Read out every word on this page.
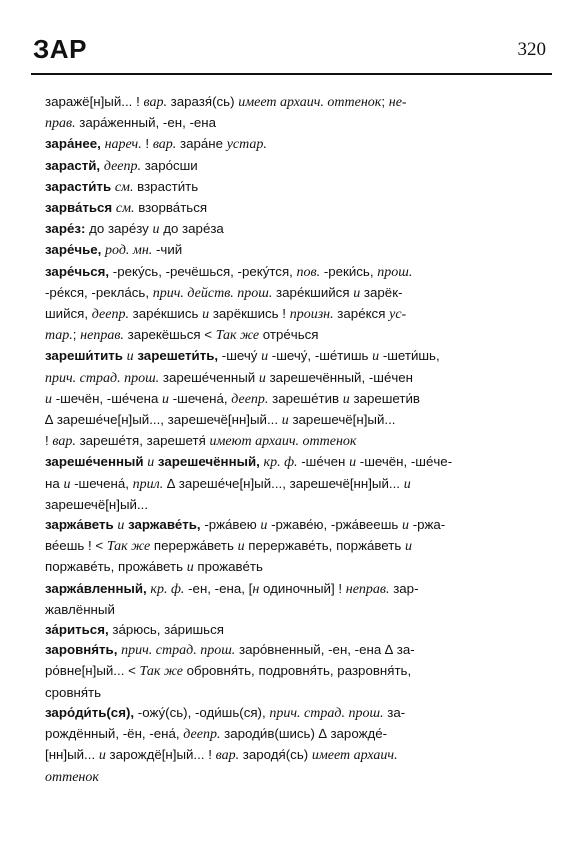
ЗАР	320
заражё[н]ый... ! вар. заразя́(сь) имеет архаич. оттенок; не-
прав. зара́женный, -ен, -ена
зара́нее, нареч. ! вар. зара́не устар.
зарастй, деепр. заро́сши
зарасти́ть см. взрасти́ть
зарва́ться см. взорва́ться
заре́з: до заре́зу и до заре́за
заре́чье, род. мн. -чий
заре́чься, -реку́сь, -речёшься, -реку́тся, пов. -реки́сь, прош.
-ре́кся, -рекла́сь, прич. действ. прош. заре́кшийся и зарёк-
шийся, деепр. заре́кшись и зарёкшись ! произн. заре́кся ус-
тар.; неправ. зарекёшься < Так же отре́чься
зареши́тить и зарешети́ть, -шечу́ и -шечу́, -ше́тишь и -шети́шь,
прич. страд. прош. зареше́ченный и зарешечённый, -ше́чен
и -шечён, -ше́чена и -шечена́, деепр. зареше́тив и зарешети́в
∆ зареше́че[н]ый..., зарешечё[нн]ый... и зарешечё[н]ый...
! вар. зареше́тя, зарешетя́ имеют архаич. оттенок
зареше́ченный и зарешечённый, кр. ф. -ше́чен и -шечён, -ше́че-
на и -шечена́, прил. ∆ зареше́че[н]ый..., зарешечё[нн]ый... и
зарешечё[н]ый...
заржа́веть и заржаве́ть, -ржа́вею и -ржаве́ю, -ржа́веешь и -ржа-
ве́ешь ! < Так же перержа́веть и перержаве́ть, поржа́веть и
поржаве́ть, прожа́веть и прожаве́ть
заржа́вленный, кр. ф. -ен, -ена, [н одиночный] ! неправ. зар-
жавлённый
за́риться, за́рюсь, за́ришься
заровня́ть, прич. страд. прош. заро́вненный, -ен, -ена ∆ за-
ро́вне[н]ый... < Так же обровня́ть, подровня́ть, разровня́ть,
сровня́ть
заро́ди́ть(ся), -ожу́(сь), -оди́шь(ся), прич. страд. прош. за-
рождённый, -ён, -ена́, деепр. зароди́в(шись) ∆ зарожде́-
[нн]ый... и зарождё[н]ый... ! вар. зародя́(сь) имеет архаич.
оттенок
